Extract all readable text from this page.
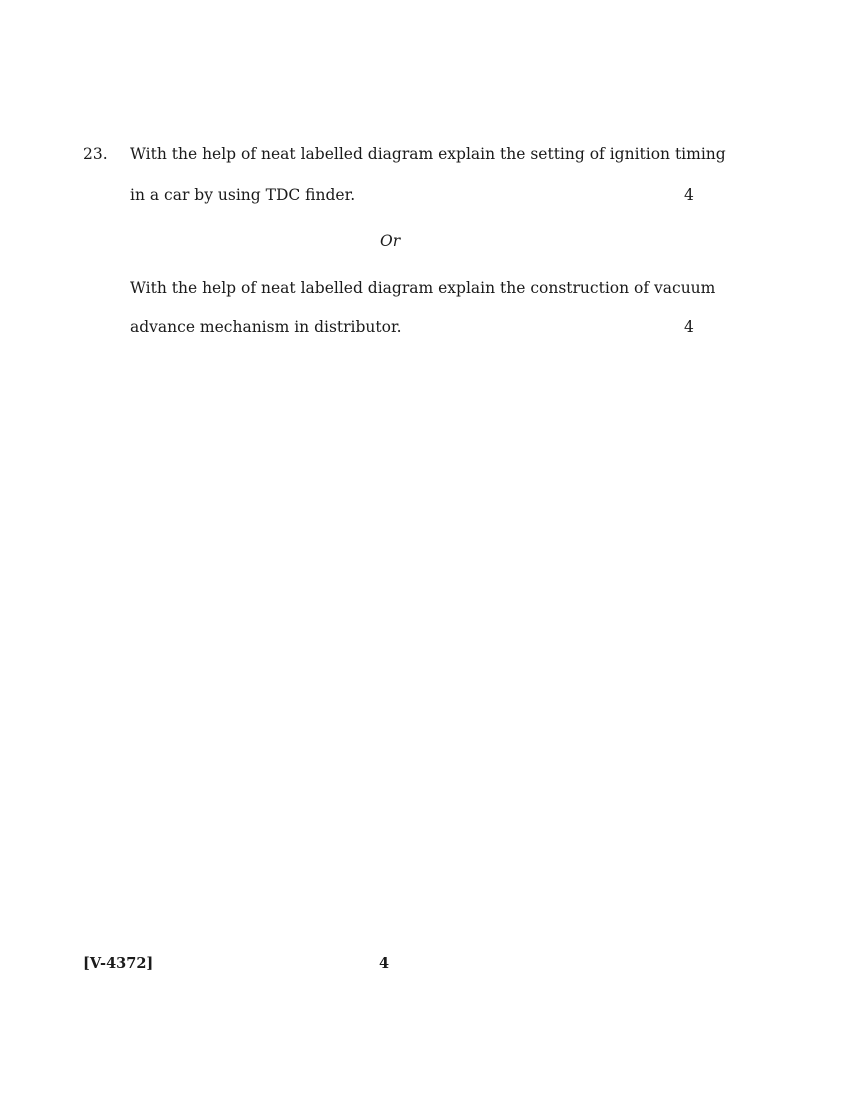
23. With the help of neat labelled diagram explain the setting of ignition timing
in a car by using TDC finder.	4
Or
With the help of neat labelled diagram explain the construction of vacuum
advance mechanism in distributor.	4
[V-4372]	4
